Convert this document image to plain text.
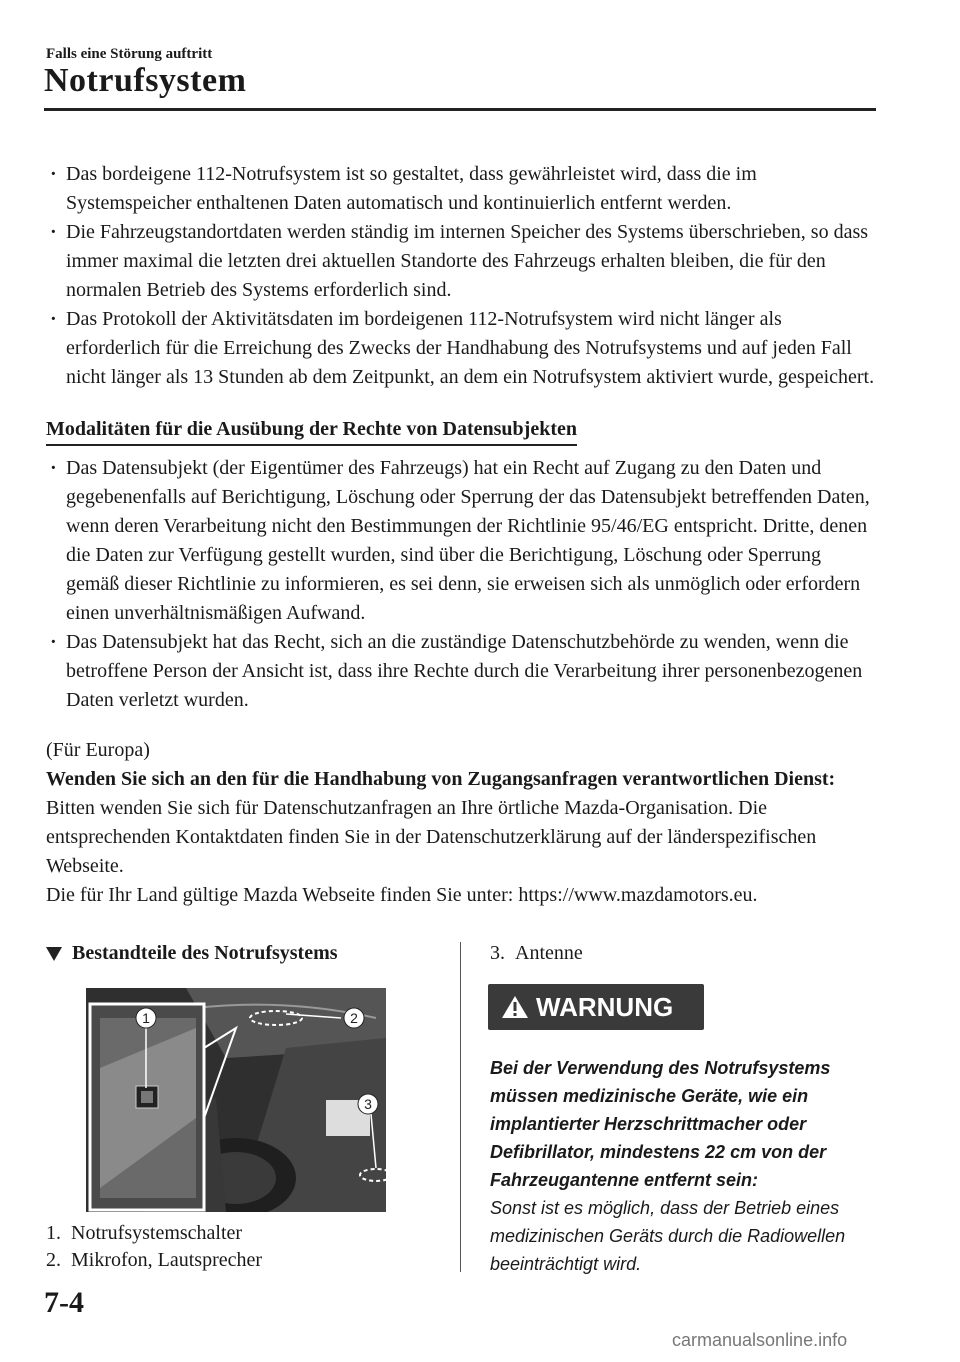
Falls eine Störung auftritt
Notrufsystem
· Das bordeigene 112-Notrufsystem ist so gestaltet, dass gewährleistet wird, dass die im Systemspeicher enthaltenen Daten automatisch und kontinuierlich entfernt werden.
· Die Fahrzeugstandortdaten werden ständig im internen Speicher des Systems überschrieben, so dass immer maximal die letzten drei aktuellen Standorte des Fahrzeugs erhalten bleiben, die für den normalen Betrieb des Systems erforderlich sind.
· Das Protokoll der Aktivitätsdaten im bordeigenen 112-Notrufsystem wird nicht länger als erforderlich für die Erreichung des Zwecks der Handhabung des Notrufsystems und auf jeden Fall nicht länger als 13 Stunden ab dem Zeitpunkt, an dem ein Notrufsystem aktiviert wurde, gespeichert.
Modalitäten für die Ausübung der Rechte von Datensubjekten
· Das Datensubjekt (der Eigentümer des Fahrzeugs) hat ein Recht auf Zugang zu den Daten und gegebenenfalls auf Berichtigung, Löschung oder Sperrung der das Datensubjekt betreffenden Daten, wenn deren Verarbeitung nicht den Bestimmungen der Richtlinie 95/46/EG entspricht. Dritte, denen die Daten zur Verfügung gestellt wurden, sind über die Berichtigung, Löschung oder Sperrung gemäß dieser Richtlinie zu informieren, es sei denn, sie erweisen sich als unmöglich oder erfordern einen unverhältnismäßigen Aufwand.
· Das Datensubjekt hat das Recht, sich an die zuständige Datenschutzbehörde zu wenden, wenn die betroffene Person der Ansicht ist, dass ihre Rechte durch die Verarbeitung ihrer personenbezogenen Daten verletzt wurden.
(Für Europa)
Wenden Sie sich an den für die Handhabung von Zugangsanfragen verantwortlichen Dienst:
Bitten wenden Sie sich für Datenschutzanfragen an Ihre örtliche Mazda-Organisation. Die entsprechenden Kontaktdaten finden Sie in der Datenschutzerklärung auf der länderspezifischen Webseite.
Die für Ihr Land gültige Mazda Webseite finden Sie unter: https://www.mazdamotors.eu.
Bestandteile des Notrufsystems
1	2
3
1. Notrufsystemschalter
2. Mikrofon, Lautsprecher
3. Antenne
WARNUNG
Bei der Verwendung des Notrufsystems müssen medizinische Geräte, wie ein implantierter Herzschrittmacher oder Defibrillator, mindestens 22 cm von der Fahrzeugantenne entfernt sein:
Sonst ist es möglich, dass der Betrieb eines medizinischen Geräts durch die Radiowellen beeinträchtigt wird.
7-4
carmanualsonline.info
